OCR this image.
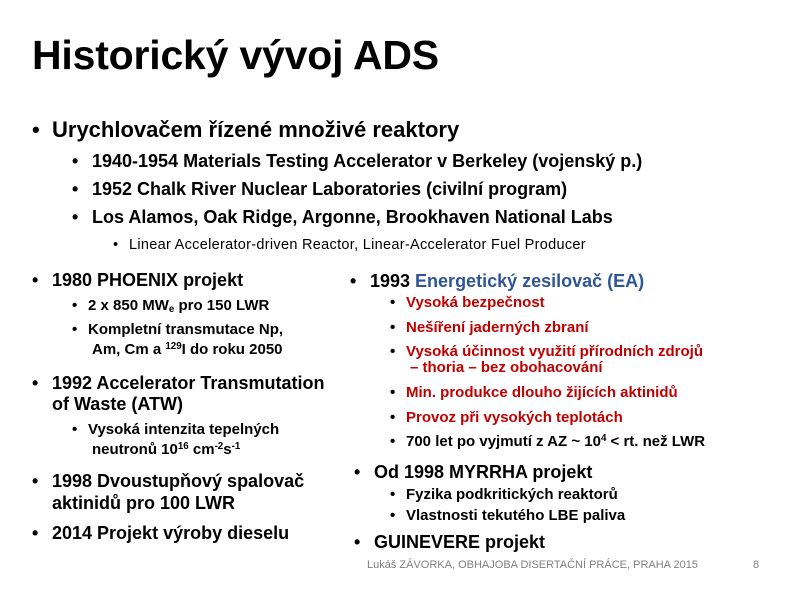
Historický vývoj ADS
• Urychlovačem řízené množivé reaktory
• 1940-1954 Materials Testing Accelerator v Berkeley (vojenský p.)
• 1952 Chalk River Nuclear Laboratories (civilní program)
• Los Alamos, Oak Ridge, Argonne, Brookhaven National Labs
• Linear Accelerator-driven Reactor, Linear-Accelerator Fuel Producer
• 1980 PHOENIX projekt
• 2 x 850 $MW_e$ pro 150 LWR
• Kompletní transmutace Np,
Am, Cm a $^{129}$I do roku 2050
• 1992 Accelerator Transmutation
of Waste (ATW)
• Vysoká intenzita tepelných
neutronů $10^{16}$ $cm^{-2}s^{-1}$
• 1998 Dvoustupňový spalovač
aktinidů pro 100 LWR
• 2014 Projekt výroby dieselu
• 1993 Energetický zesilovač (EA)
• Vysoká bezpečnost
• Nešíření jaderných zbraní
• Vysoká účinnost využití přírodních zdrojů
– thoria – bez obohacování
• Min. produkce dlouho žijících aktinidů
• Provoz při vysokých teplotách
• 700 let po vyjmutí z AZ ~ $10^4$ < rt. než LWR
• Od 1998 MYRRHA projekt
• Fyzika podkritických reaktorů
• Vlastnosti tekutého LBE paliva
• GUINEVERE projekt
Lukáš ZÁVORKA, OBHAJOBA DISERTAČNÍ PRÁCE, PRAHA 2015	8
